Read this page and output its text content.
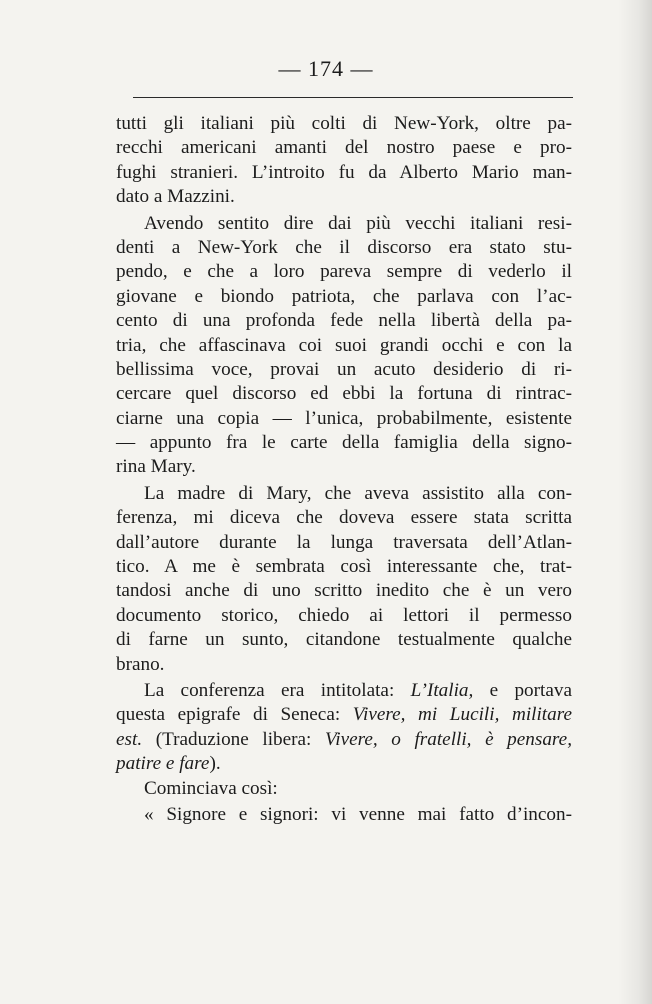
— 174 —
tutti gli italiani più colti di New-York, oltre pa-
recchi americani amanti del nostro paese e pro-
fughi stranieri. L’introito fu da Alberto Mario man-
dato a Mazzini.
Avendo sentito dire dai più vecchi italiani resi-
denti a New-York che il discorso era stato stu-
pendo, e che a loro pareva sempre di vederlo il
giovane e biondo patriota, che parlava con l’ac-
cento di una profonda fede nella libertà della pa-
tria, che affascinava coi suoi grandi occhi e con la
bellissima voce, provai un acuto desiderio di ri-
cercare quel discorso ed ebbi la fortuna di rintrac-
ciarne una copia — l’unica, probabilmente, esistente
— appunto fra le carte della famiglia della signo-
rina Mary.
La madre di Mary, che aveva assistito alla con-
ferenza, mi diceva che doveva essere stata scritta
dall’autore durante la lunga traversata dell’Atlan-
tico. A me è sembrata così interessante che, trat-
tandosi anche di uno scritto inedito che è un vero
documento storico, chiedo ai lettori il permesso
di farne un sunto, citandone testualmente qualche
brano.
La conferenza era intitolata: L’Italia, e portava
questa epigrafe di Seneca: Vivere, mi Lucili, militare
est. (Traduzione libera: Vivere, o fratelli, è pensare,
patire e fare).
Cominciava così:
« Signore e signori: vi venne mai fatto d’incon-
